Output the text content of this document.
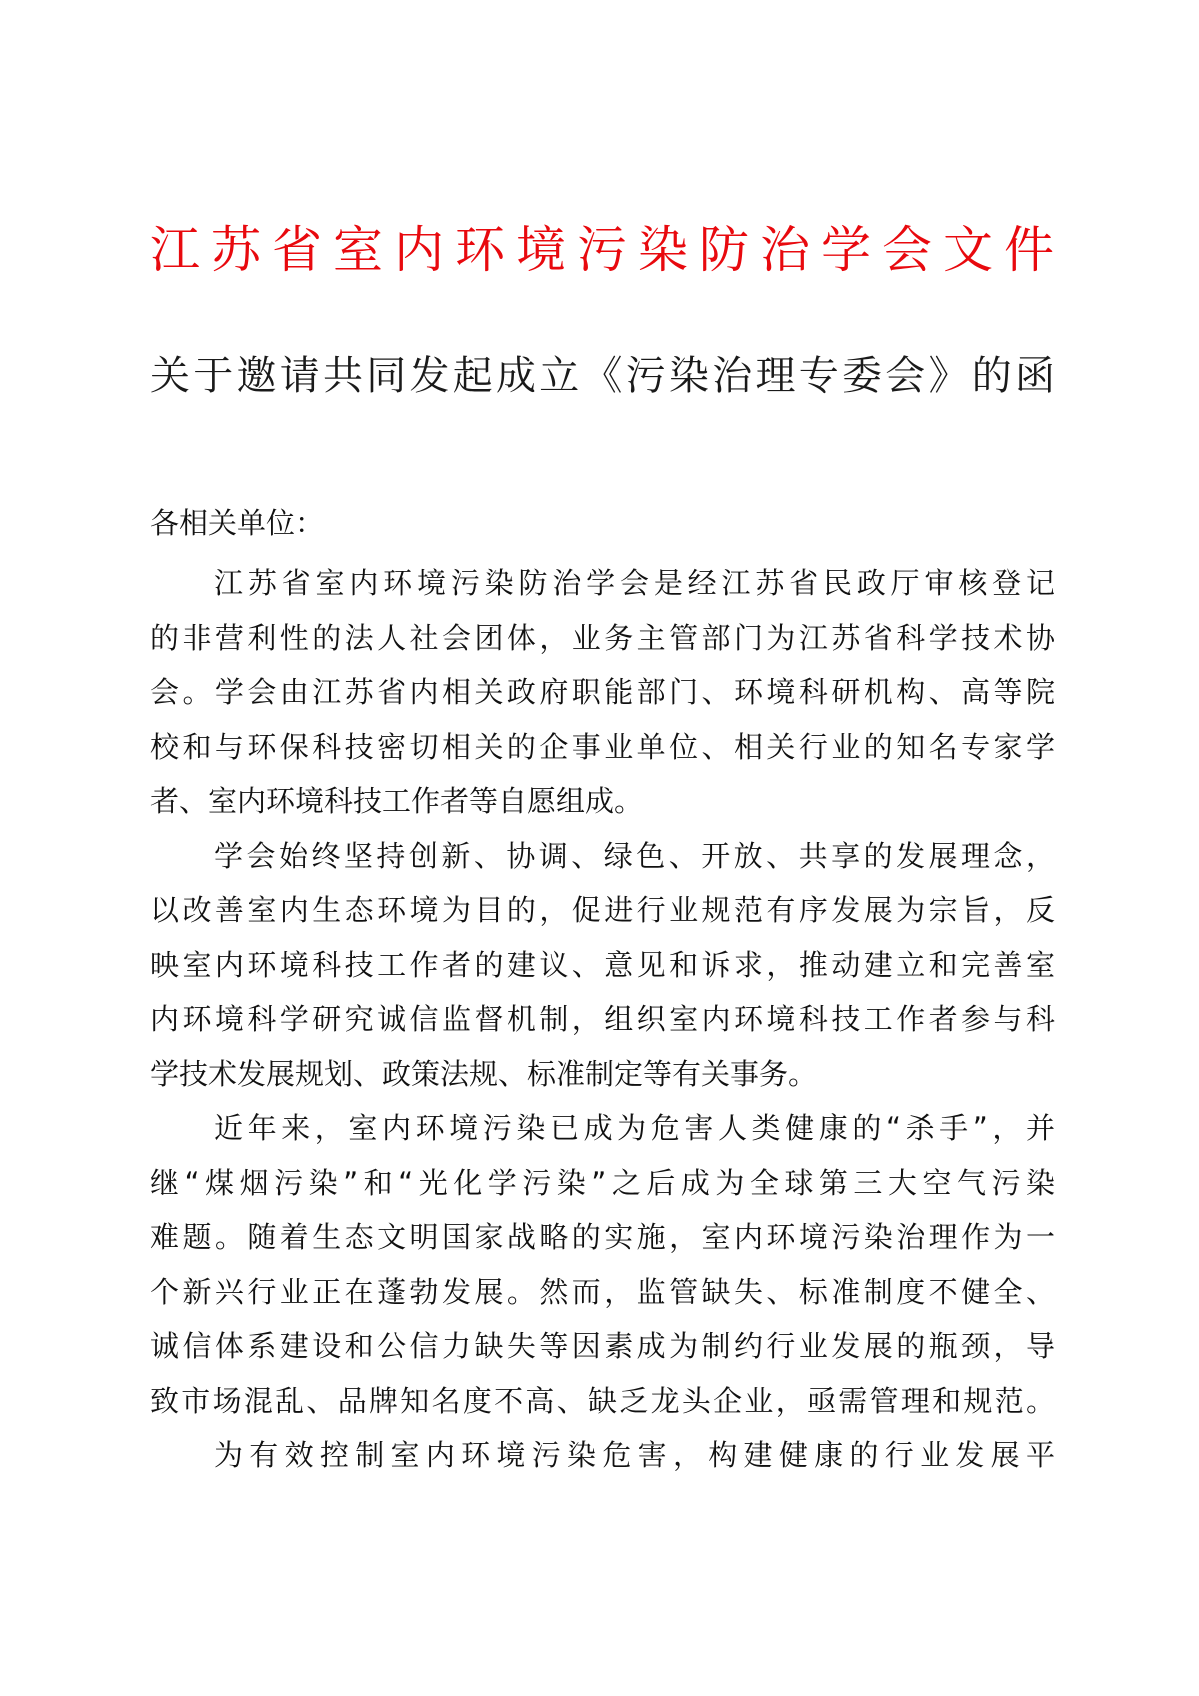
江苏省室内环境污染防治学会文件
关于邀请共同发起成立《污染治理专委会》的函
各相关单位：
江苏省室内环境污染防治学会是经江苏省民政厅审核登记
的非营利性的法人社会团体，业务主管部门为江苏省科学技术协
会。学会由江苏省内相关政府职能部门、环境科研机构、高等院
校和与环保科技密切相关的企事业单位、相关行业的知名专家学
者、室内环境科技工作者等自愿组成。
学会始终坚持创新、协调、绿色、开放、共享的发展理念，
以改善室内生态环境为目的，促进行业规范有序发展为宗旨，反
映室内环境科技工作者的建议、意见和诉求，推动建立和完善室
内环境科学研究诚信监督机制，组织室内环境科技工作者参与科
学技术发展规划、政策法规、标准制定等有关事务。
近年来，室内环境污染已成为危害人类健康的“杀手”，并
继“煤烟污染”和“光化学污染”之后成为全球第三大空气污染
难题。随着生态文明国家战略的实施，室内环境污染治理作为一
个新兴行业正在蓬勃发展。然而，监管缺失、标准制度不健全、
诚信体系建设和公信力缺失等因素成为制约行业发展的瓶颈，导
致市场混乱、品牌知名度不高、缺乏龙头企业，亟需管理和规范。
为有效控制室内环境污染危害，构建健康的行业发展平
